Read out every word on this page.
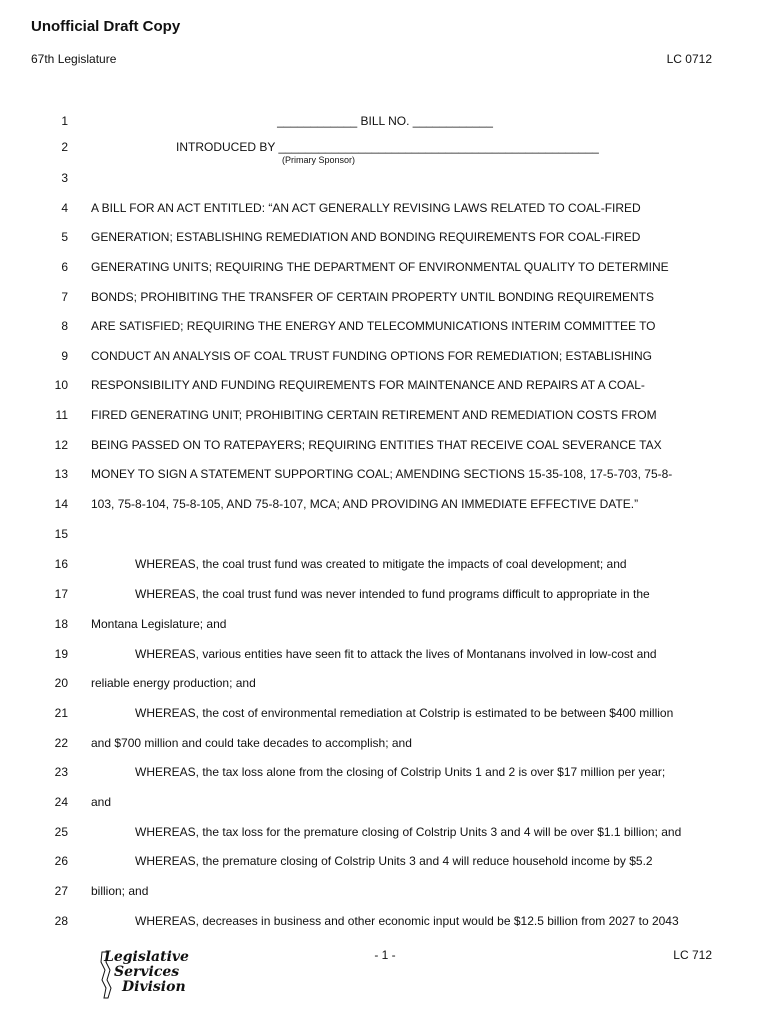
Unofficial Draft Copy
67th Legislature	LC 0712
1
2
3
4
5
6
7
8
9
10
11
12
13
14
15
16
17
18
19
20
21
22
23
24
25
26
27
28
____________ BILL NO. ____________
INTRODUCED BY ________________________________________________
(Primary Sponsor)
A BILL FOR AN ACT ENTITLED: “AN ACT GENERALLY REVISING LAWS RELATED TO COAL-FIRED
GENERATION; ESTABLISHING REMEDIATION AND BONDING REQUIREMENTS FOR COAL-FIRED
GENERATING UNITS; REQUIRING THE DEPARTMENT OF ENVIRONMENTAL QUALITY TO DETERMINE
BONDS; PROHIBITING THE TRANSFER OF CERTAIN PROPERTY UNTIL BONDING REQUIREMENTS
ARE SATISFIED; REQUIRING THE ENERGY AND TELECOMMUNICATIONS INTERIM COMMITTEE TO
CONDUCT AN ANALYSIS OF COAL TRUST FUNDING OPTIONS FOR REMEDIATION; ESTABLISHING
RESPONSIBILITY AND FUNDING REQUIREMENTS FOR MAINTENANCE AND REPAIRS AT A COAL-
FIRED GENERATING UNIT; PROHIBITING CERTAIN RETIREMENT AND REMEDIATION COSTS FROM
BEING PASSED ON TO RATEPAYERS; REQUIRING ENTITIES THAT RECEIVE COAL SEVERANCE TAX
MONEY TO SIGN A STATEMENT SUPPORTING COAL; AMENDING SECTIONS 15-35-108, 17-5-703, 75-8-
103, 75-8-104, 75-8-105, AND 75-8-107, MCA; AND PROVIDING AN IMMEDIATE EFFECTIVE DATE.”
WHEREAS, the coal trust fund was created to mitigate the impacts of coal development; and
WHEREAS, the coal trust fund was never intended to fund programs difficult to appropriate in the
Montana Legislature; and
WHEREAS, various entities have seen fit to attack the lives of Montanans involved in low-cost and
reliable energy production; and
WHEREAS, the cost of environmental remediation at Colstrip is estimated to be between $400 million
and $700 million and could take decades to accomplish; and
WHEREAS, the tax loss alone from the closing of Colstrip Units 1 and 2 is over $17 million per year;
and
WHEREAS, the tax loss for the premature closing of Colstrip Units 3 and 4 will be over $1.1 billion; and
WHEREAS, the premature closing of Colstrip Units 3 and 4 will reduce household income by $5.2
billion; and
WHEREAS, decreases in business and other economic input would be $12.5 billion from 2027 to 2043
Legislative
Services
Division
- 1 -	LC 712
